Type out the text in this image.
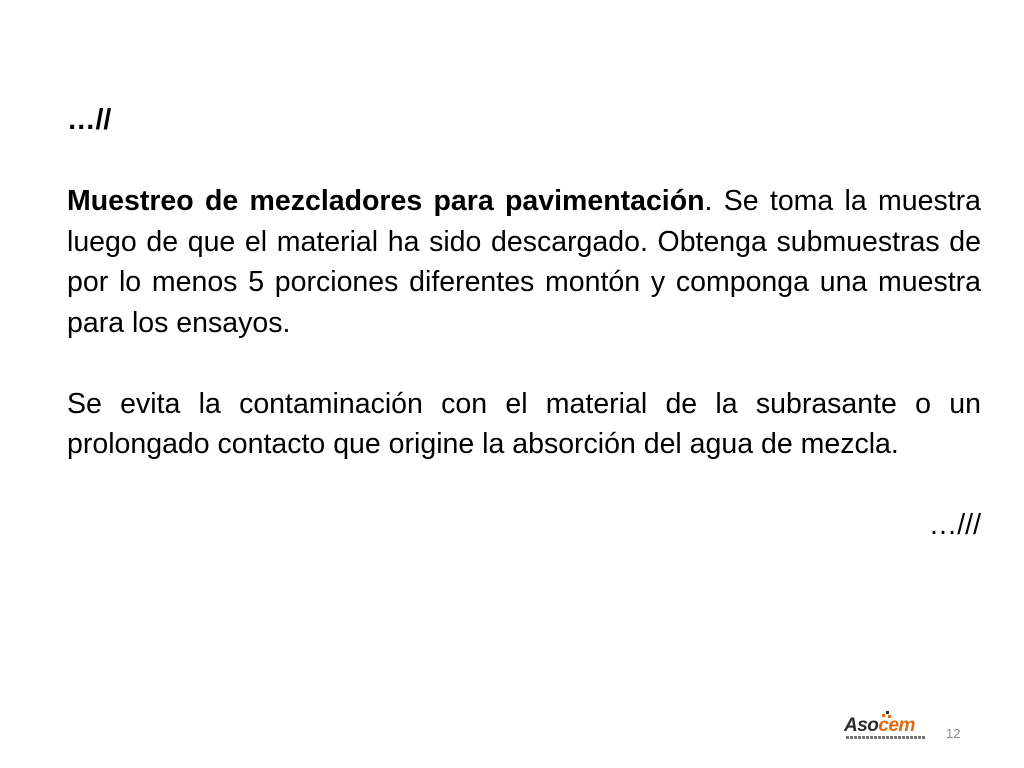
…//

Muestreo de mezcladores para pavimentación. Se toma la muestra luego de que el material ha sido descargado. Obtenga submuestras de por lo menos 5 porciones diferentes montón y componga una muestra para los ensayos.

Se evita la contaminación con el material de la subrasante o un prolongado contacto que origine la absorción del agua de mezcla.

…///

Asocem 12
